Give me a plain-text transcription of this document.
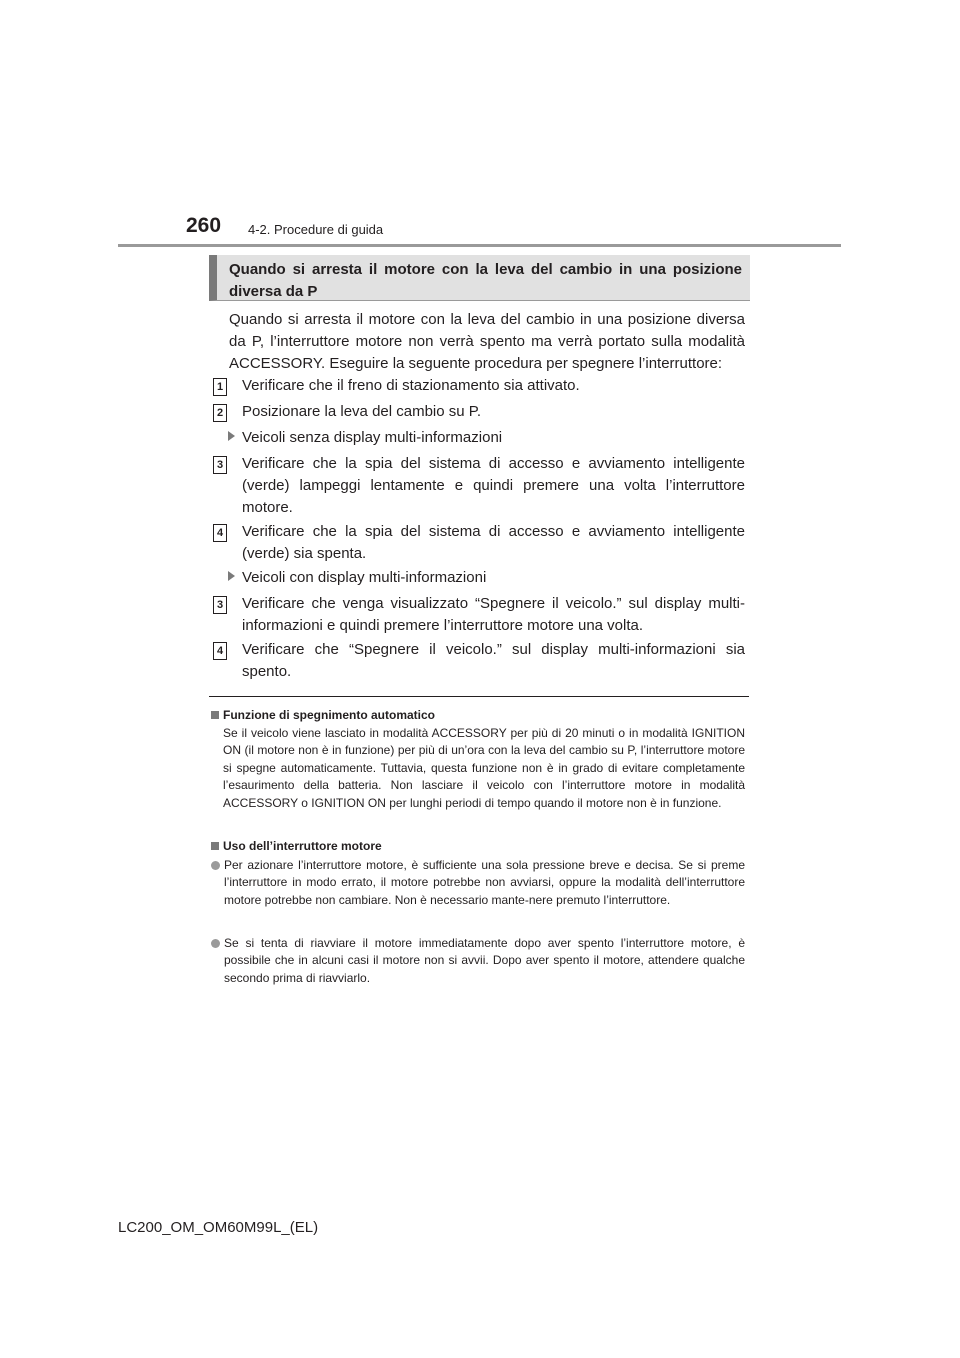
260 4-2. Procedure di guida
Quando si arresta il motore con la leva del cambio in una posizione diversa da P

Quando si arresta il motore con la leva del cambio in una posizione diversa da P, l’interruttore motore non verrà spento ma verrà portato sulla modalità ACCESSORY. Eseguire la seguente procedura per spegnere l’interruttore:

1 Verificare che il freno di stazionamento sia attivato.
2 Posizionare la leva del cambio su P.
Veicoli senza display multi-informazioni
3 Verificare che la spia del sistema di accesso e avviamento intelligente (verde) lampeggi lentamente e quindi premere una volta l’interruttore motore.
4 Verificare che la spia del sistema di accesso e avviamento intelligente (verde) sia spenta.
Veicoli con display multi-informazioni
3 Verificare che venga visualizzato “Spegnere il veicolo.” sul display multi-informazioni e quindi premere l’interruttore motore una volta.
4 Verificare che “Spegnere il veicolo.” sul display multi-informazioni sia spento.
Funzione di spegnimento automatico

Se il veicolo viene lasciato in modalità ACCESSORY per più di 20 minuti o in modalità IGNITION ON (il motore non è in funzione) per più di un’ora con la leva del cambio su P, l’interruttore motore si spegne automaticamente. Tuttavia, questa funzione non è in grado di evitare completamente l’esaurimento della batteria. Non lasciare il veicolo con l’interruttore motore in modalità ACCESSORY o IGNITION ON per lunghi periodi di tempo quando il motore non è in funzione.

Uso dell’interruttore motore
Per azionare l’interruttore motore, è sufficiente una sola pressione breve e decisa. Se si preme l’interruttore in modo errato, il motore potrebbe non avviarsi, oppure la modalità dell’interruttore motore potrebbe non cambiare. Non è necessario mante-nere premuto l’interruttore.
Se si tenta di riavviare il motore immediatamente dopo aver spento l’interruttore motore, è possibile che in alcuni casi il motore non si avvii. Dopo aver spento il motore, attendere qualche secondo prima di riavviarlo.
LC200_OM_OM60M99L_(EL)
